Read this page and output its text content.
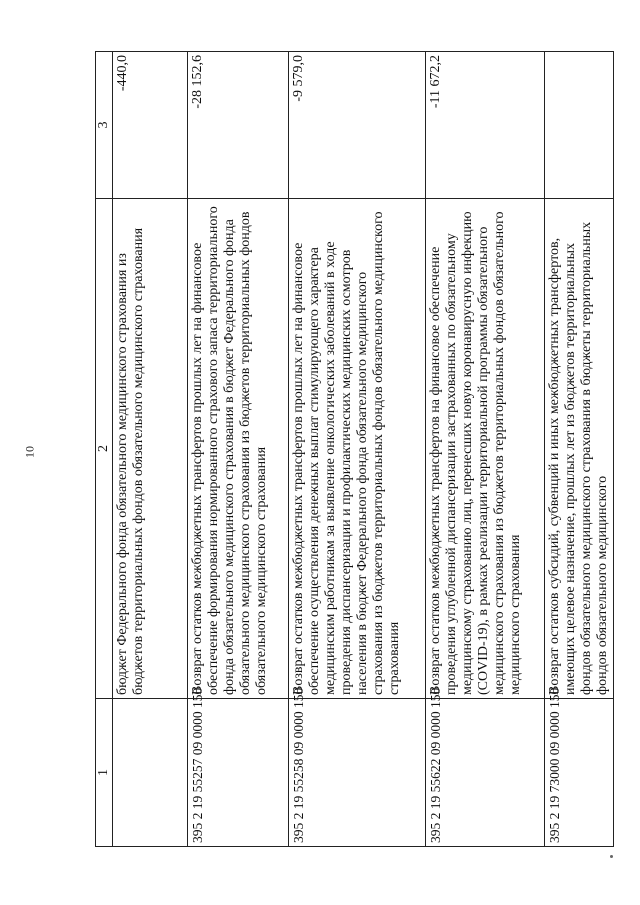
10
1	2	3
	бюджет Федерального фонда обязательного медицинского страхования из бюджетов территориальных фондов обязательного медицинского страхования	-440,0
395 2 19 55257 09 0000 150	Возврат остатков межбюджетных трансфертов прошлых лет на финансовое обеспечение формирования нормированного страхового запаса территориального фонда обязательного медицинского страхования в бюджет Федерального фонда обязательного медицинского страхования из бюджетов территориальных фондов обязательного медицинского страхования	-28 152,6
395 2 19 55258 09 0000 150	Возврат остатков межбюджетных трансфертов прошлых лет на финансовое обеспечение осуществления денежных выплат стимулирующего характера медицинским работникам за выявление онкологических заболеваний в ходе проведения диспансеризации и профилактических медицинских осмотров населения в бюджет Федерального фонда обязательного медицинского страхования из бюджетов территориальных фондов обязательного медицинского страхования	-9 579,0
395 2 19 55622 09 0000 150	Возврат остатков межбюджетных трансфертов на финансовое обеспечение проведения углубленной диспансеризации застрахованных по обязательному медицинскому страхованию лиц, перенесших новую коронавирусную инфекцию (COVID-19), в рамках реализации территориальной программы обязательного медицинского страхования из бюджетов территориальных фондов обязательного медицинского страхования	-11 672,2
395 2 19 73000 09 0000 150	Возврат остатков субсидий, субвенций и иных межбюджетных трансфертов, имеющих целевое назначение, прошлых лет из бюджетов территориальных фондов обязательного медицинского страхования в бюджеты территориальных фондов обязательного медицинского	
